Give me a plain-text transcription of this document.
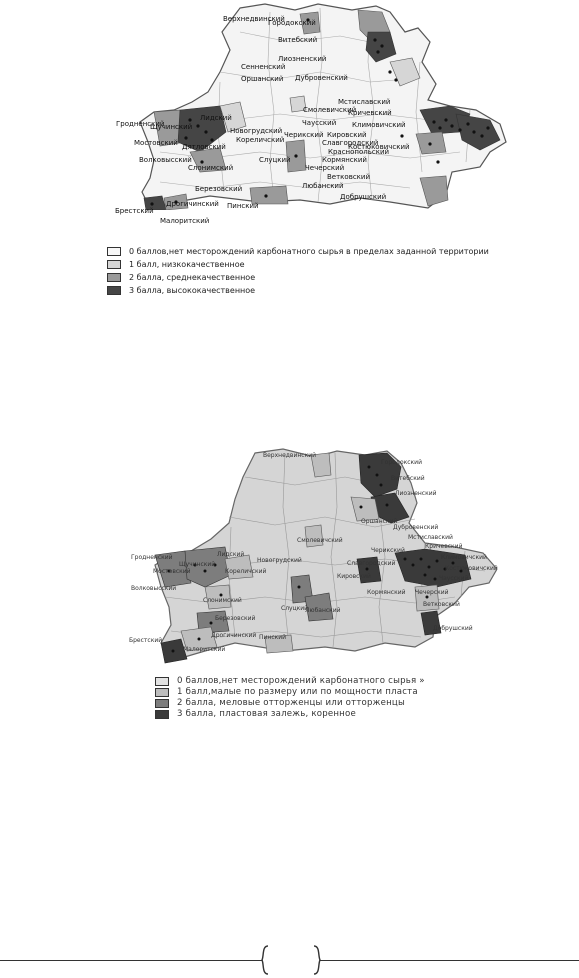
Верхнедвинский
Городокский
Витебский
Лиозненский
Сенненский
Оршанский Дубровенский
Смолевичский
Мстиславский
Кричевский
Климовичский
Костюковичский
Чаусский
Черикский Кировский
Славгородский
Краснопольский
Кормянский
Чечерский
Ветковский
Добрушский
Гродненский
Щучинский
Лидский
Мостовский
Новогрудский
Дятловский
Кореличский
Волковысский
Слонимский
Слуцкий
Любанский
Березовский
Дрогичинский Пинский
Брестский
Малоритский
0 баллов,нет месторождений карбонатного сырья в пределах заданной территории
1 балл, низкокачественное
2 балла, среднекачественное
3 балла, высококачественное
Верхнедвинский
Городокский
Витебский
Лиозненский
Оршанский
Дубровенский
Смолевичский	Мстиславский
Кричевский
Климовичский
Костюковичский
Чаусский
Черикский
Кировский
Славгородский
Кормянский Чечерский
Ветковский
Добрушский
Гродненский
Щучинский
Лидский
Мостовский
Новогрудский
Кореличский
Волковысский
Слонимский
Слуцкий
Любанский
Березовский
Дрогичинский Пинский
Брестский
Малоритский
0 баллов,нет месторождений карбонатного сырья »
1 балл,малые по размеру или по мощности пласта
2 балла, меловые отторженцы или отторженцы
3 балла, пластовая залежь, коренное
